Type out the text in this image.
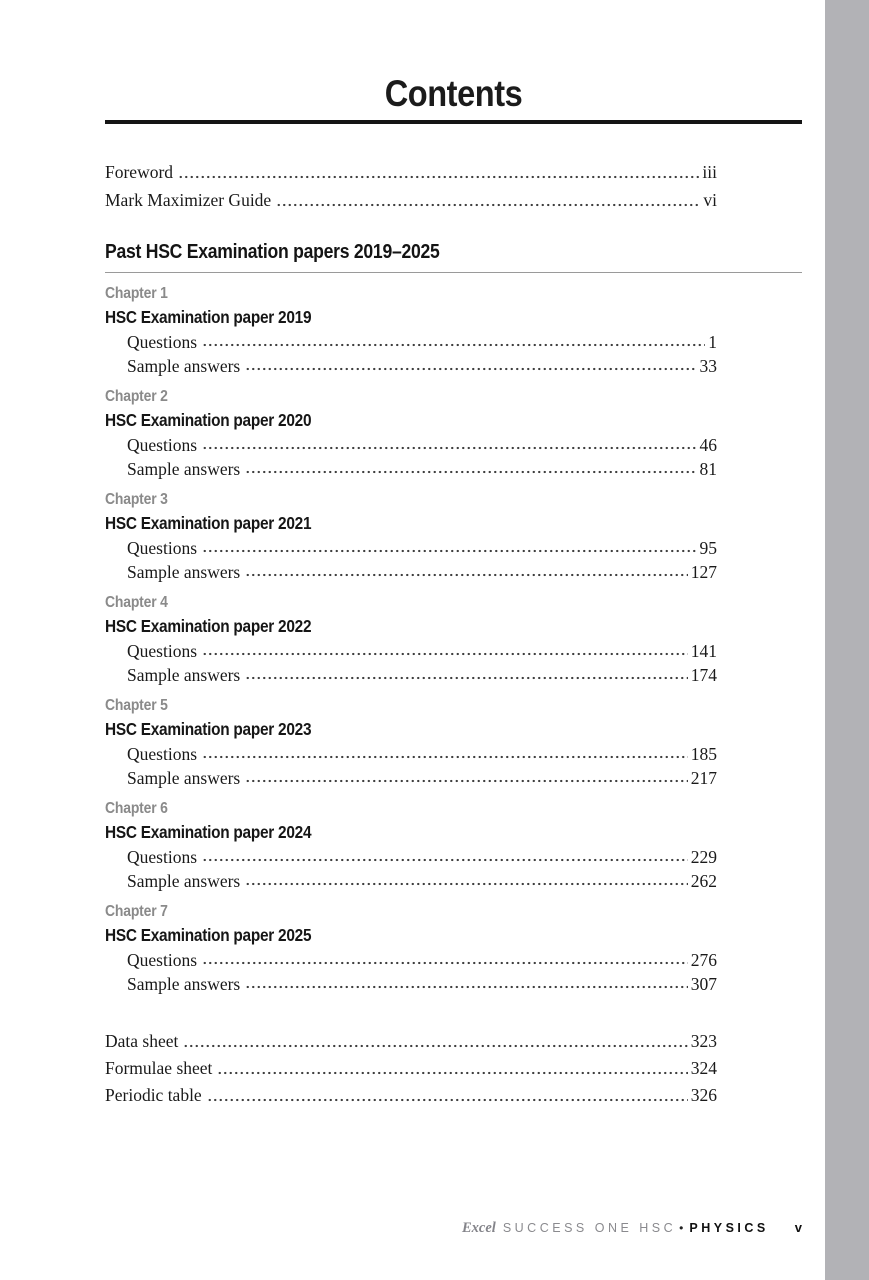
Contents
Foreword	iii
Mark Maximizer Guide	vi
Past HSC Examination papers 2019–2025
Chapter 1
HSC Examination paper 2019
Questions	1
Sample answers	33
Chapter 2
HSC Examination paper 2020
Questions	46
Sample answers	81
Chapter 3
HSC Examination paper 2021
Questions	95
Sample answers	127
Chapter 4
HSC Examination paper 2022
Questions	141
Sample answers	174
Chapter 5
HSC Examination paper 2023
Questions	185
Sample answers	217
Chapter 6
HSC Examination paper 2024
Questions	229
Sample answers	262
Chapter 7
HSC Examination paper 2025
Questions	276
Sample answers	307
Data sheet	323
Formulae sheet	324
Periodic table	326
Excel SUCCESS ONE HSC • PHYSICS v
